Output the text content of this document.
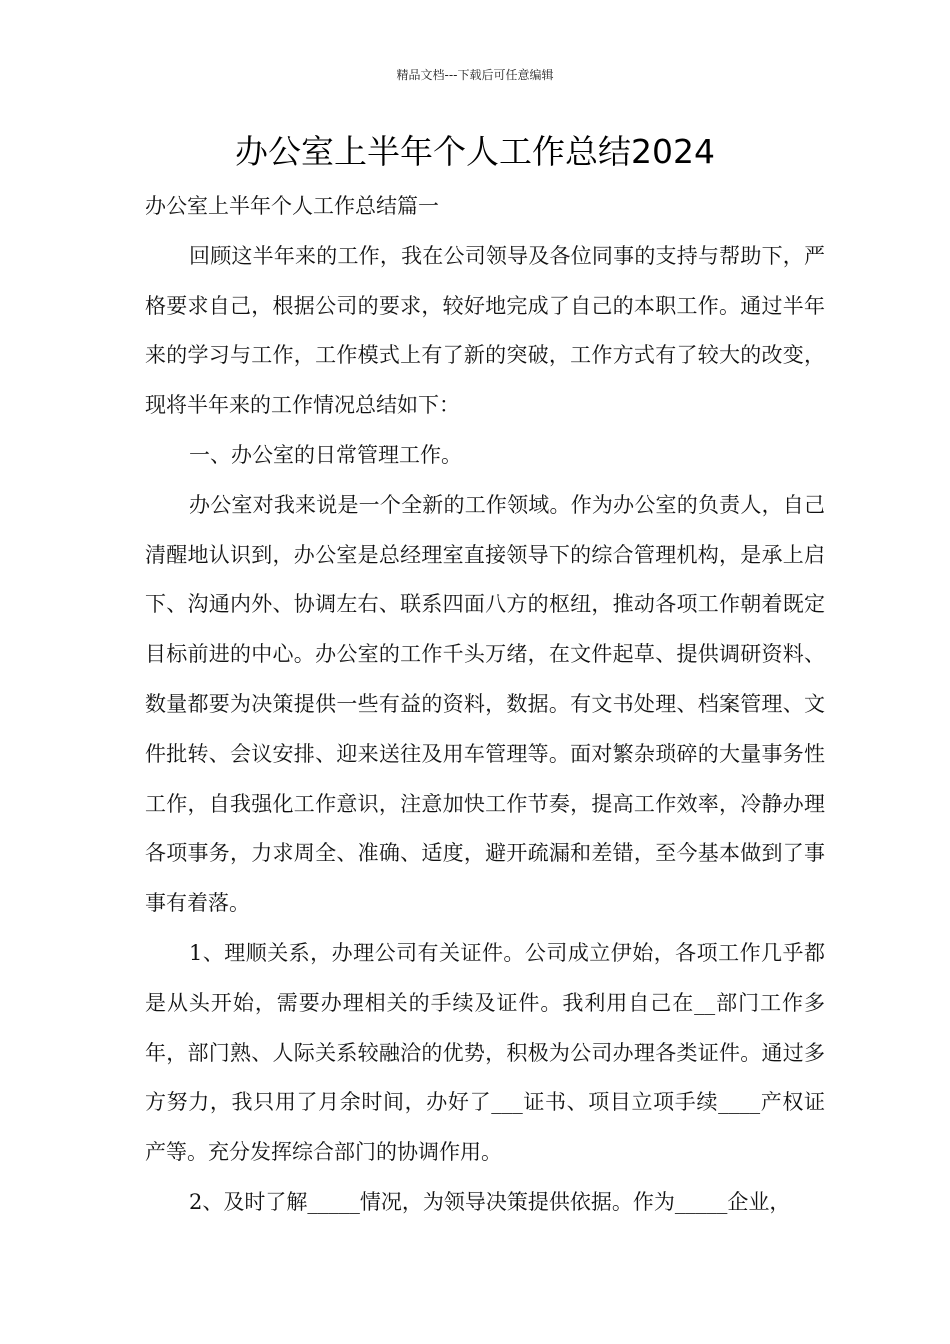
精品文档---下载后可任意编辑
办公室上半年个人工作总结2024

办公室上半年个人工作总结篇一

回顾这半年来的工作，我在公司领导及各位同事的支持与帮助下，严格要求自己，根据公司的要求，较好地完成了自己的本职工作。通过半年来的学习与工作，工作模式上有了新的突破，工作方式有了较大的改变，现将半年来的工作情况总结如下：

一、办公室的日常管理工作。

办公室对我来说是一个全新的工作领域。作为办公室的负责人，自己清醒地认识到，办公室是总经理室直接领导下的综合管理机构，是承上启下、沟通内外、协调左右、联系四面八方的枢纽，推动各项工作朝着既定目标前进的中心。办公室的工作千头万绪，在文件起草、提供调研资料、数量都要为决策提供一些有益的资料，数据。有文书处理、档案管理、文件批转、会议安排、迎来送往及用车管理等。面对繁杂琐碎的大量事务性工作，自我强化工作意识，注意加快工作节奏，提高工作效率，冷静办理各项事务，力求周全、准确、适度，避开疏漏和差错，至今基本做到了事事有着落。

1、理顺关系，办理公司有关证件。公司成立伊始，各项工作几乎都是从头开始，需要办理相关的手续及证件。我利用自己在__部门工作多年，部门熟、人际关系较融洽的优势，积极为公司办理各类证件。通过多方努力，我只用了月余时间，办好了___证书、项目立项手续____产权证产等。充分发挥综合部门的协调作用。

2、及时了解_____情况，为领导决策提供依据。作为_____企业，
